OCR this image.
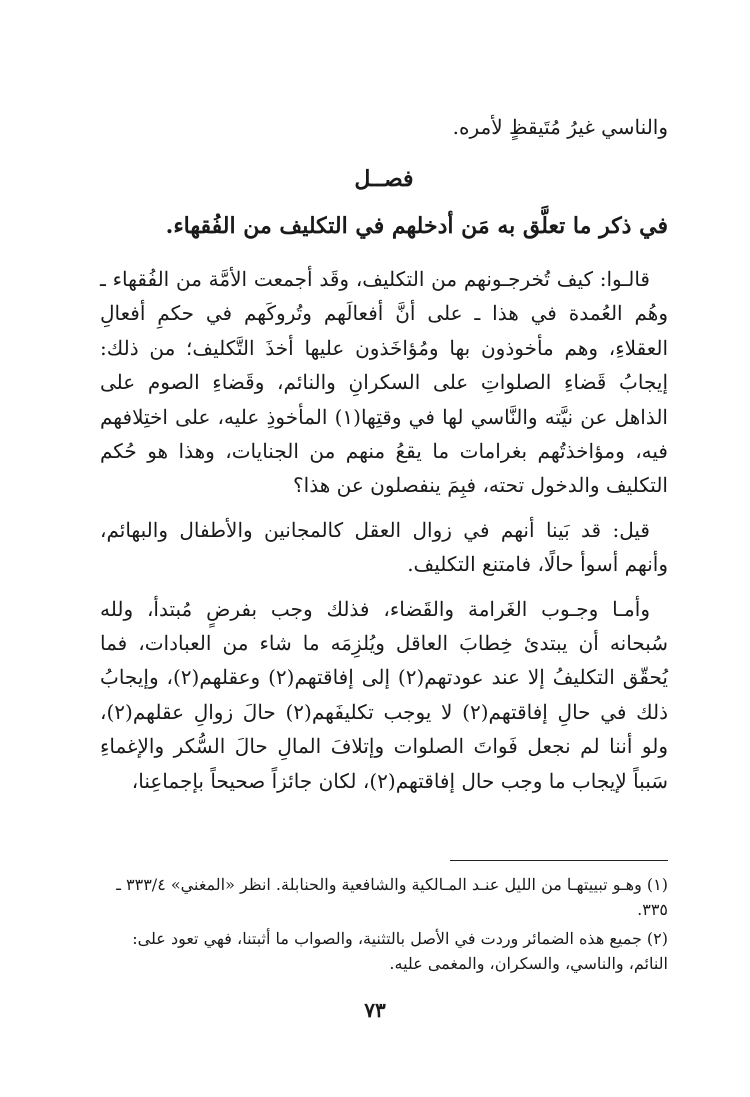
والناسي غيرُ مُتَيقظٍ لأمره.

فصــل

في ذكر ما تعلَّق به مَن أدخلهم في التكليف من الفُقهاء.

قالـوا: كيف تُخرجـونهم من التكليف، وقَد أجمعت الأمَّة من الفُقهاء ـ وهُم العُمدة في هذا ـ على أنَّ أفعالَهم وتُروكَهم في حكمِ أفعالِ العقلاءِ، وهم مأخوذون بها ومُؤاخَذون عليها أخذَ التَّكليف؛ من ذلك: إيجابُ قَضاءِ الصلواتِ على السكرانِ والنائم، وقَضاءِ الصوم على الذاهل عن نيَّته والنَّاسي لها في وقتِها(١) المأخوذِ عليه، على اختِلافهم فيه، ومؤاخذتُهم بغرامات ما يقعُ منهم من الجنايات، وهذا هو حُكم التكليف والدخول تحته، فبِمَ ينفصلون عن هذا؟

قيل: قد بَينا أنهم في زوال العقل كالمجانين والأطفال والبهائم، وأنهم أسوأ حالًا، فامتنع التكليف.

وأمـا وجـوب الغَرامة والقَضاء، فذلك وجب بفرضٍ مُبتدأ، ولله سُبحانه أن يبتدئ خِطابَ العاقل ويُلزِمَه ما شاء من العبادات، فما يُحقّق التكليفُ إلا عند عودتهم(٢) إلى إفاقتهم(٢) وعقلهم(٢)، وإيجابُ ذلك في حالِ إفاقتهم(٢) لا يوجب تكليفَهم(٢) حالَ زوالِ عقلهم(٢)، ولو أننا لم نجعل فَواتَ الصلوات وإتلافَ المالِ حالَ السُّكر والإغماءِ سَبباً لإيجاب ما وجب حال إفاقتهم(٢)، لكان جائزاً صحيحاً بإجماعِنا،

(١) وهـو تبييتهـا من الليل عنـد المـالكية والشافعية والحنابلة. انظر «المغني» ٣٣٣/٤ ـ ٣٣٥.

(٢) جميع هذه الضمائر وردت في الأصل بالتثنية، والصواب ما أثبتنا، فهي تعود على: النائم، والناسي، والسكران، والمغمى عليه.

٧٣
